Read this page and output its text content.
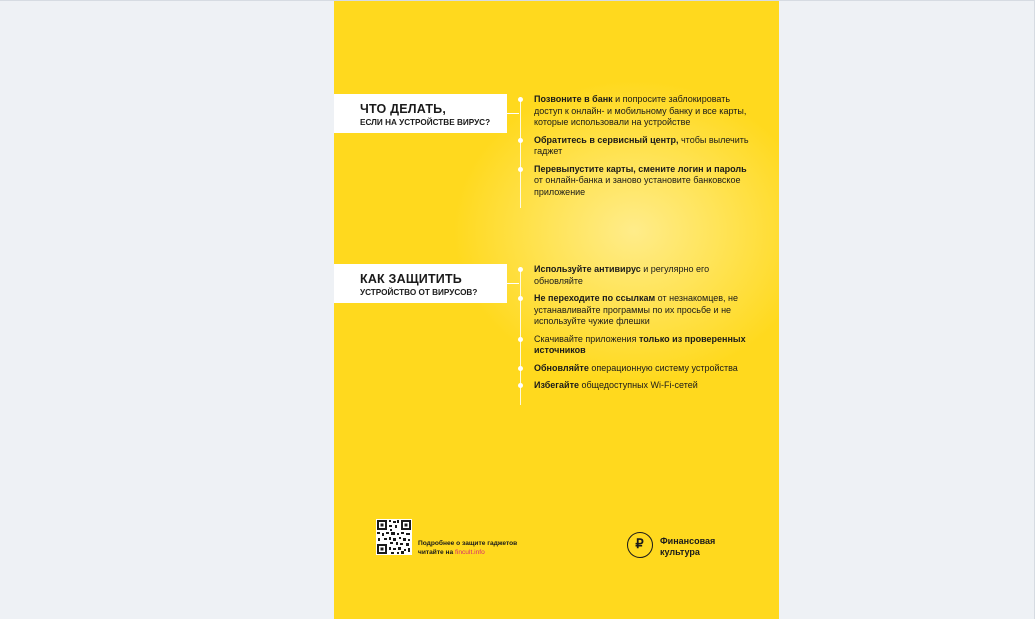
ЧТО ДЕЛАТЬ,
ЕСЛИ НА УСТРОЙСТВЕ ВИРУС?
Позвоните в банк и попросите заблокировать доступ к онлайн- и мобильному банку и все карты, которые использовали на устройстве
Обратитесь в сервисный центр, чтобы вылечить гаджет
Перевыпустите карты, смените логин и пароль от онлайн-банка и заново установите банковское приложение
КАК ЗАЩИТИТЬ
УСТРОЙСТВО ОТ ВИРУСОВ?
Используйте антивирус и регулярно его обновляйте
Не переходите по ссылкам от незнакомцев, не устанавливайте программы по их просьбе и не используйте чужие флешки
Скачивайте приложения только из проверенных источников
Обновляйте операционную систему устройства
Избегайте общедоступных Wi-Fi-сетей
Подробнее о защите гаджетов
читайте на fincult.info
₽	Финансовая
культура
